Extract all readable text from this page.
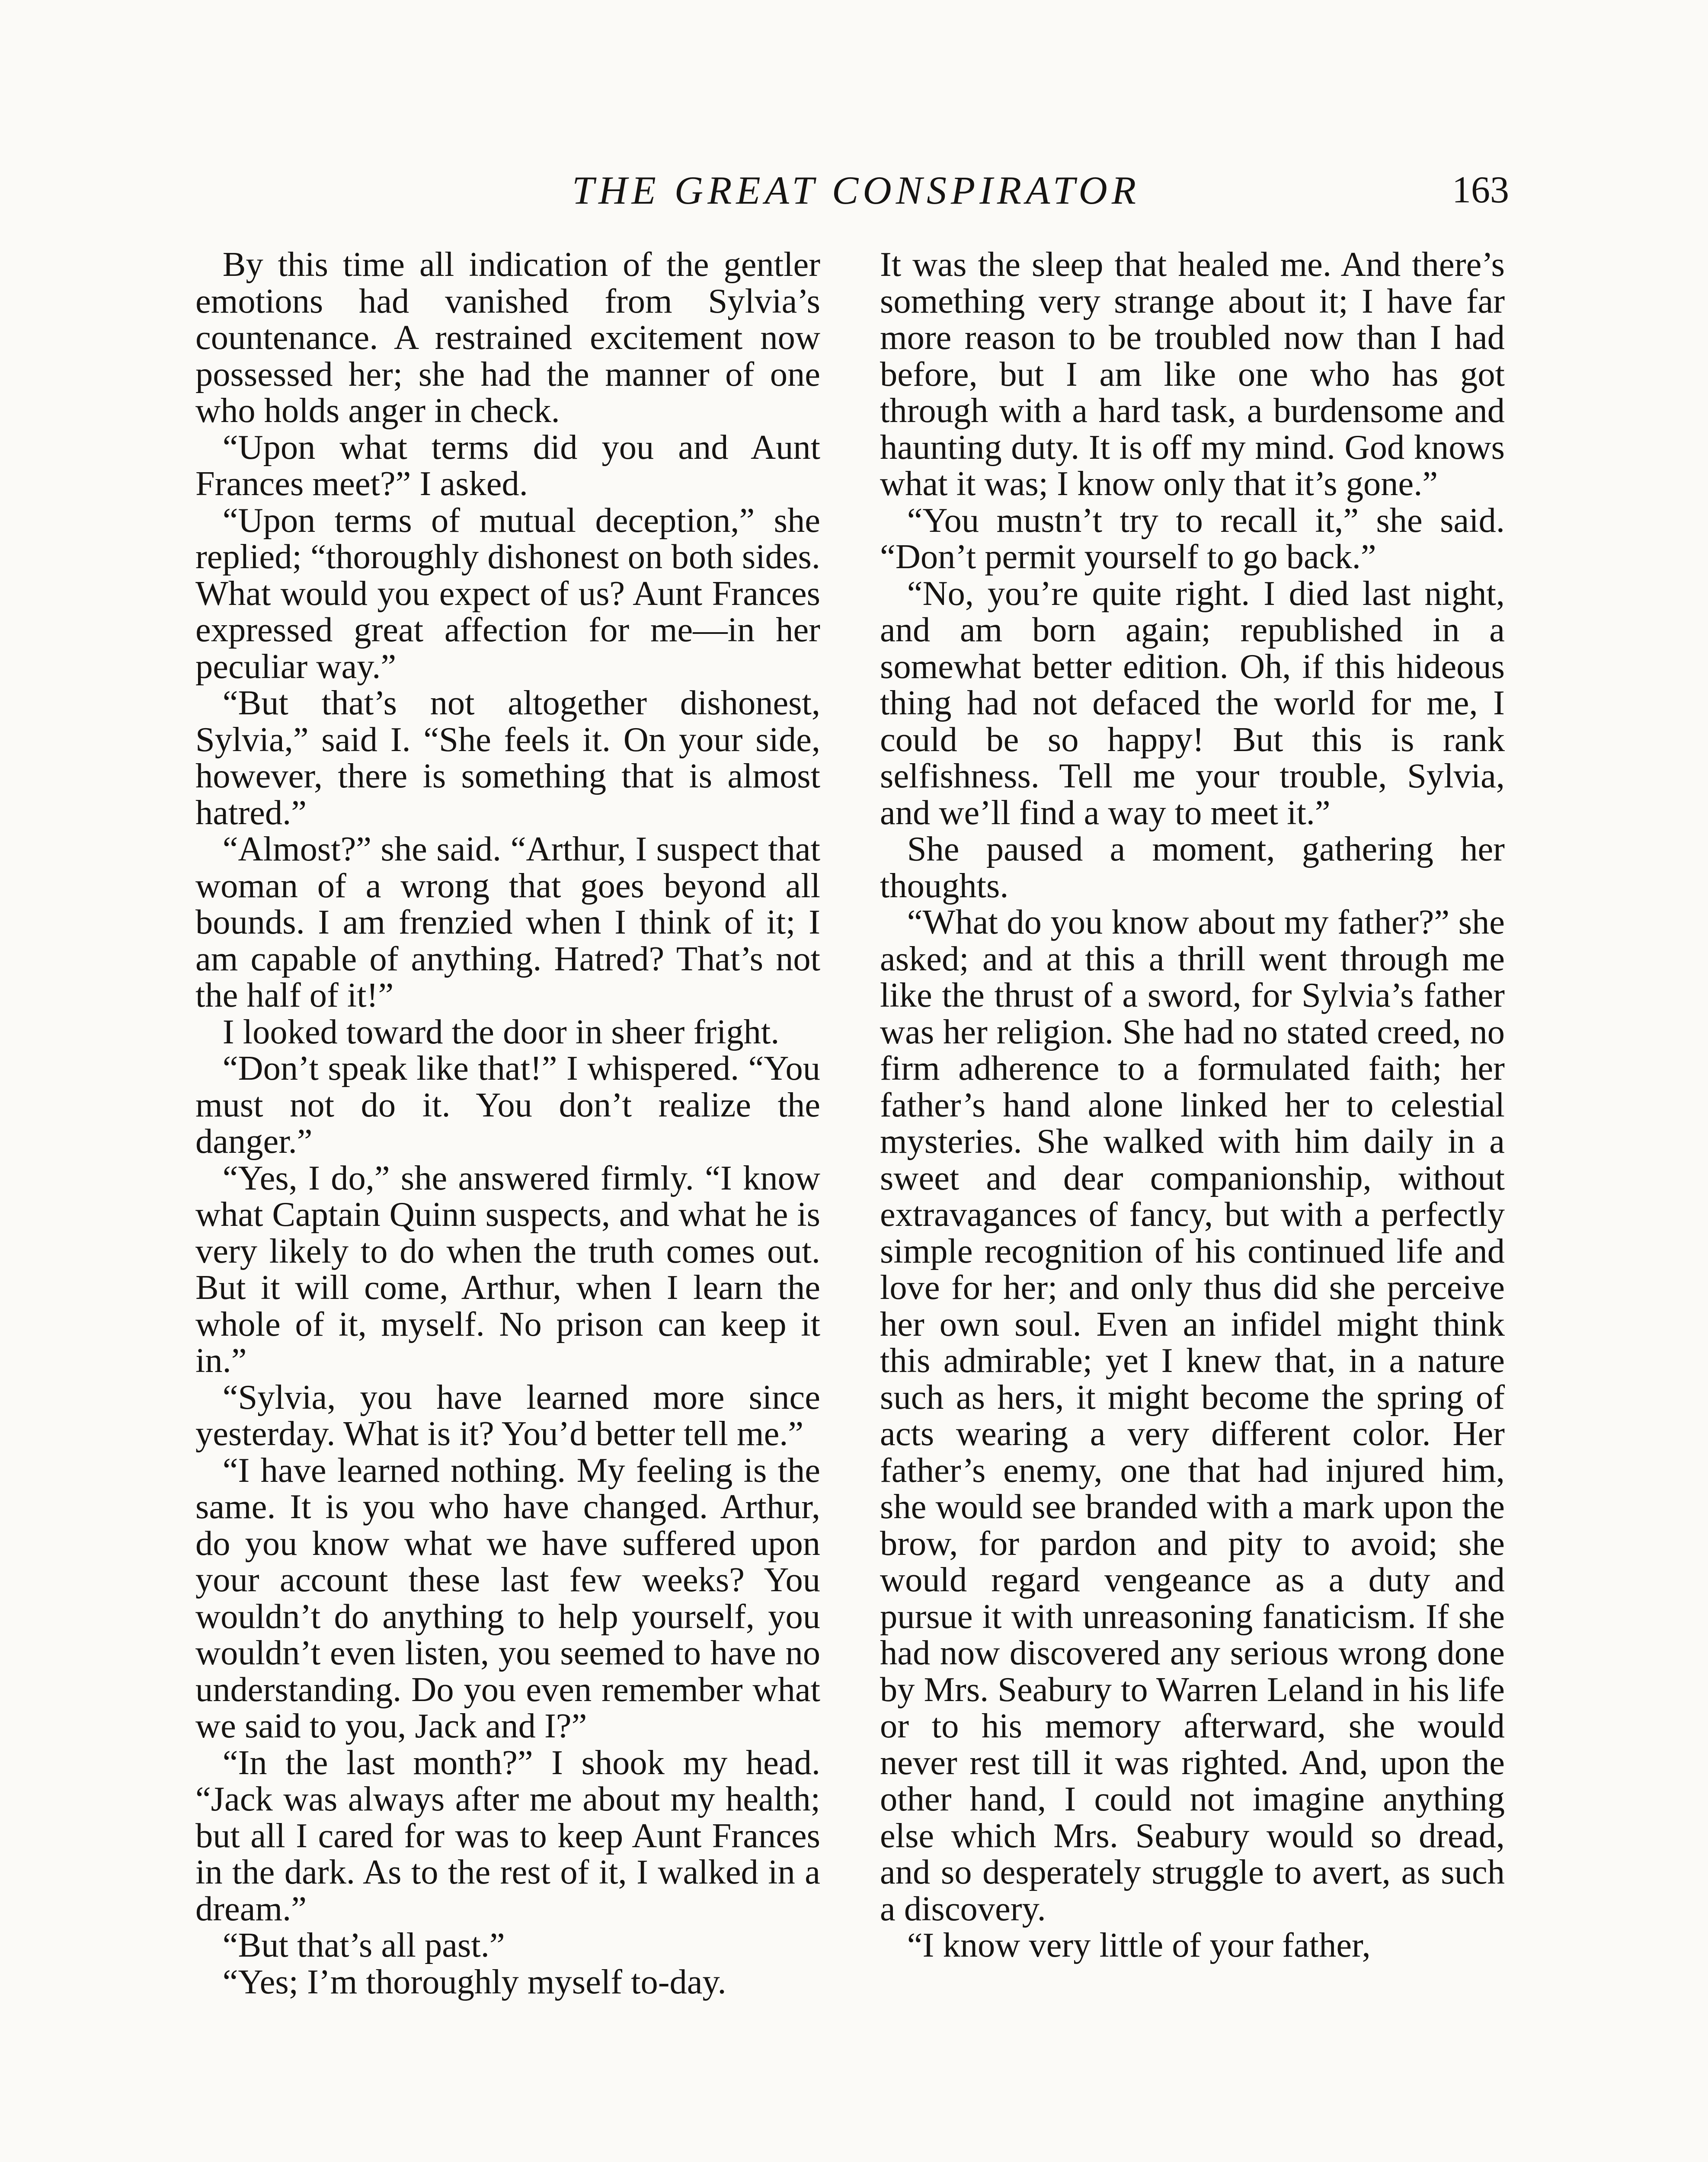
THE GREAT CONSPIRATOR	163

By this time all indication of the gentler emotions had vanished from Sylvia’s countenance. A restrained excitement now possessed her; she had the manner of one who holds anger in check.

“Upon what terms did you and Aunt Frances meet?” I asked.

“Upon terms of mutual deception,” she replied; “thoroughly dishonest on both sides. What would you expect of us? Aunt Frances expressed great affection for me—in her peculiar way.”

“But that’s not altogether dishonest, Sylvia,” said I. “She feels it. On your side, however, there is something that is almost hatred.”

“Almost?” she said. “Arthur, I suspect that woman of a wrong that goes beyond all bounds. I am frenzied when I think of it; I am capable of anything. Hatred? That’s not the half of it!”

I looked toward the door in sheer fright.

“Don’t speak like that!” I whispered. “You must not do it. You don’t realize the danger.”

“Yes, I do,” she answered firmly. “I know what Captain Quinn suspects, and what he is very likely to do when the truth comes out. But it will come, Arthur, when I learn the whole of it, myself. No prison can keep it in.”

“Sylvia, you have learned more since yesterday. What is it? You’d better tell me.”

“I have learned nothing. My feeling is the same. It is you who have changed. Arthur, do you know what we have suffered upon your account these last few weeks? You wouldn’t do anything to help yourself, you wouldn’t even listen, you seemed to have no understanding. Do you even remember what we said to you, Jack and I?”

“In the last month?” I shook my head. “Jack was always after me about my health; but all I cared for was to keep Aunt Frances in the dark. As to the rest of it, I walked in a dream.”

“But that’s all past.”

“Yes; I’m thoroughly myself to-day.

It was the sleep that healed me. And there’s something very strange about it; I have far more reason to be troubled now than I had before, but I am like one who has got through with a hard task, a burdensome and haunting duty. It is off my mind. God knows what it was; I know only that it’s gone.”

“You mustn’t try to recall it,” she said. “Don’t permit yourself to go back.”

“No, you’re quite right. I died last night, and am born again; republished in a somewhat better edition. Oh, if this hideous thing had not defaced the world for me, I could be so happy! But this is rank selfishness. Tell me your trouble, Sylvia, and we’ll find a way to meet it.”

She paused a moment, gathering her thoughts.

“What do you know about my father?” she asked; and at this a thrill went through me like the thrust of a sword, for Sylvia’s father was her religion. She had no stated creed, no firm adherence to a formulated faith; her father’s hand alone linked her to celestial mysteries. She walked with him daily in a sweet and dear companionship, without extravagances of fancy, but with a perfectly simple recognition of his continued life and love for her; and only thus did she perceive her own soul. Even an infidel might think this admirable; yet I knew that, in a nature such as hers, it might become the spring of acts wearing a very different color. Her father’s enemy, one that had injured him, she would see branded with a mark upon the brow, for pardon and pity to avoid; she would regard vengeance as a duty and pursue it with unreasoning fanaticism. If she had now discovered any serious wrong done by Mrs. Seabury to Warren Leland in his life or to his memory afterward, she would never rest till it was righted. And, upon the other hand, I could not imagine anything else which Mrs. Seabury would so dread, and so desperately struggle to avert, as such a discovery.

“I know very little of your father,
